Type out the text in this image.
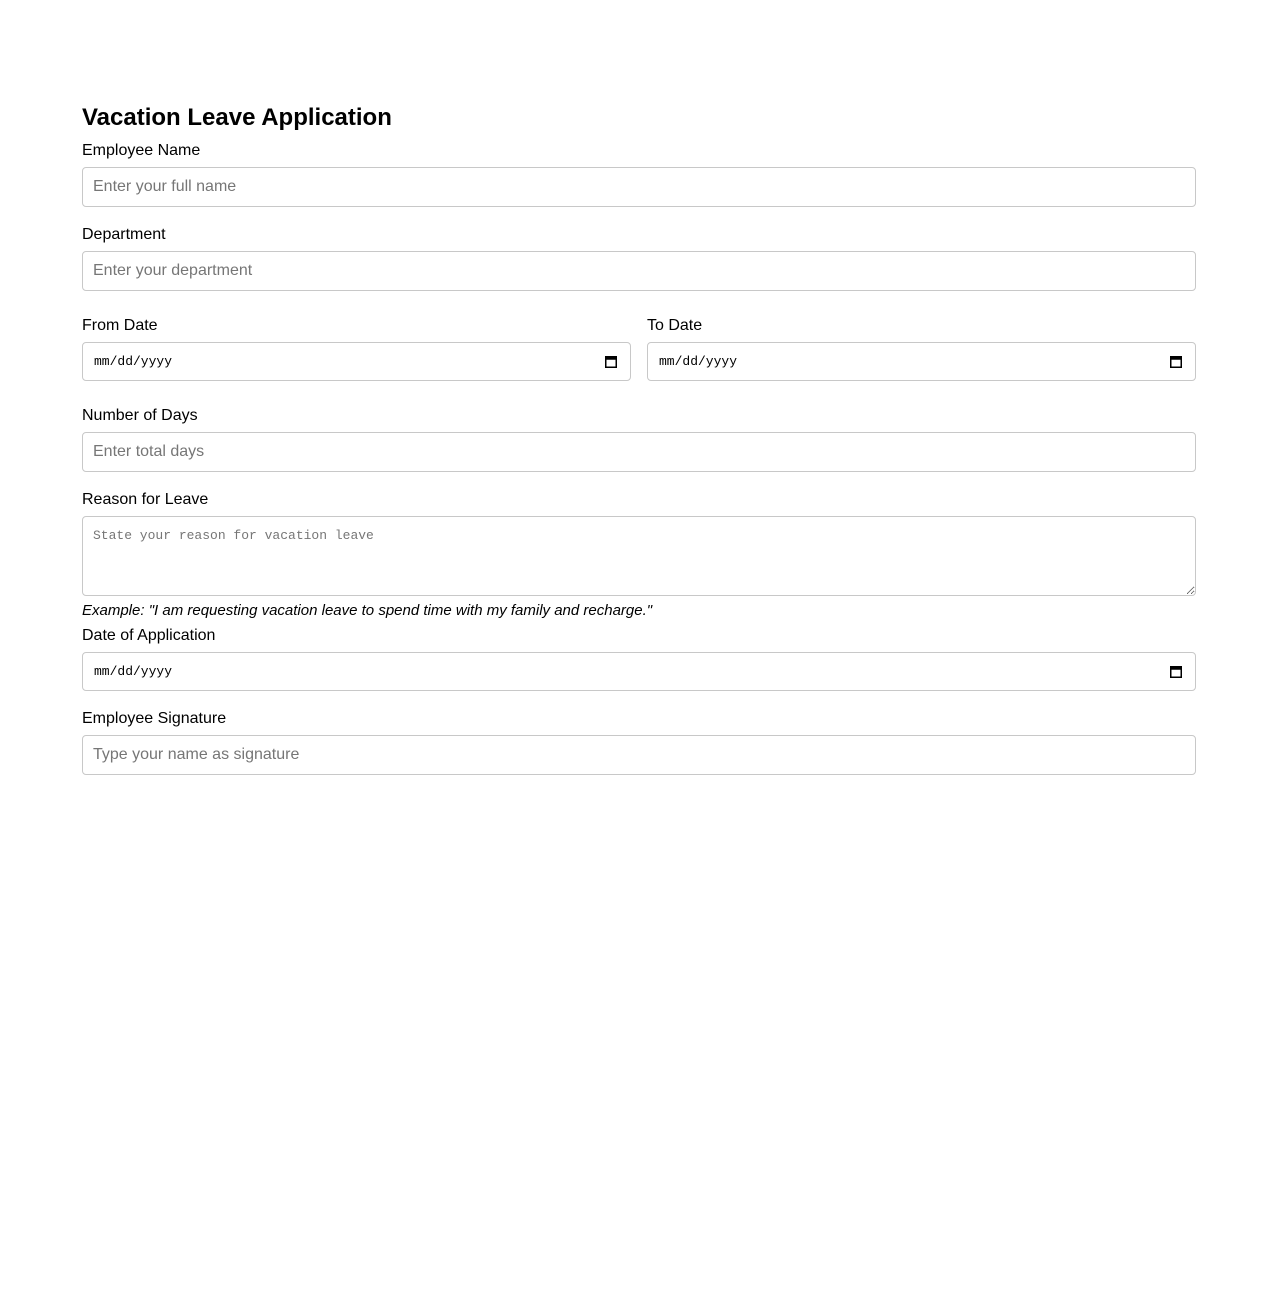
Vacation Leave Application
Employee Name
Enter your full name
Department
Enter your department
From Date
mm/dd/yyyy
To Date
mm/dd/yyyy
Number of Days
Enter total days
Reason for Leave
State your reason for vacation leave

Example: "I am requesting vacation leave to spend time with my family and recharge."

Date of Application
mm/dd/yyyy
Employee Signature
Type your name as signature
